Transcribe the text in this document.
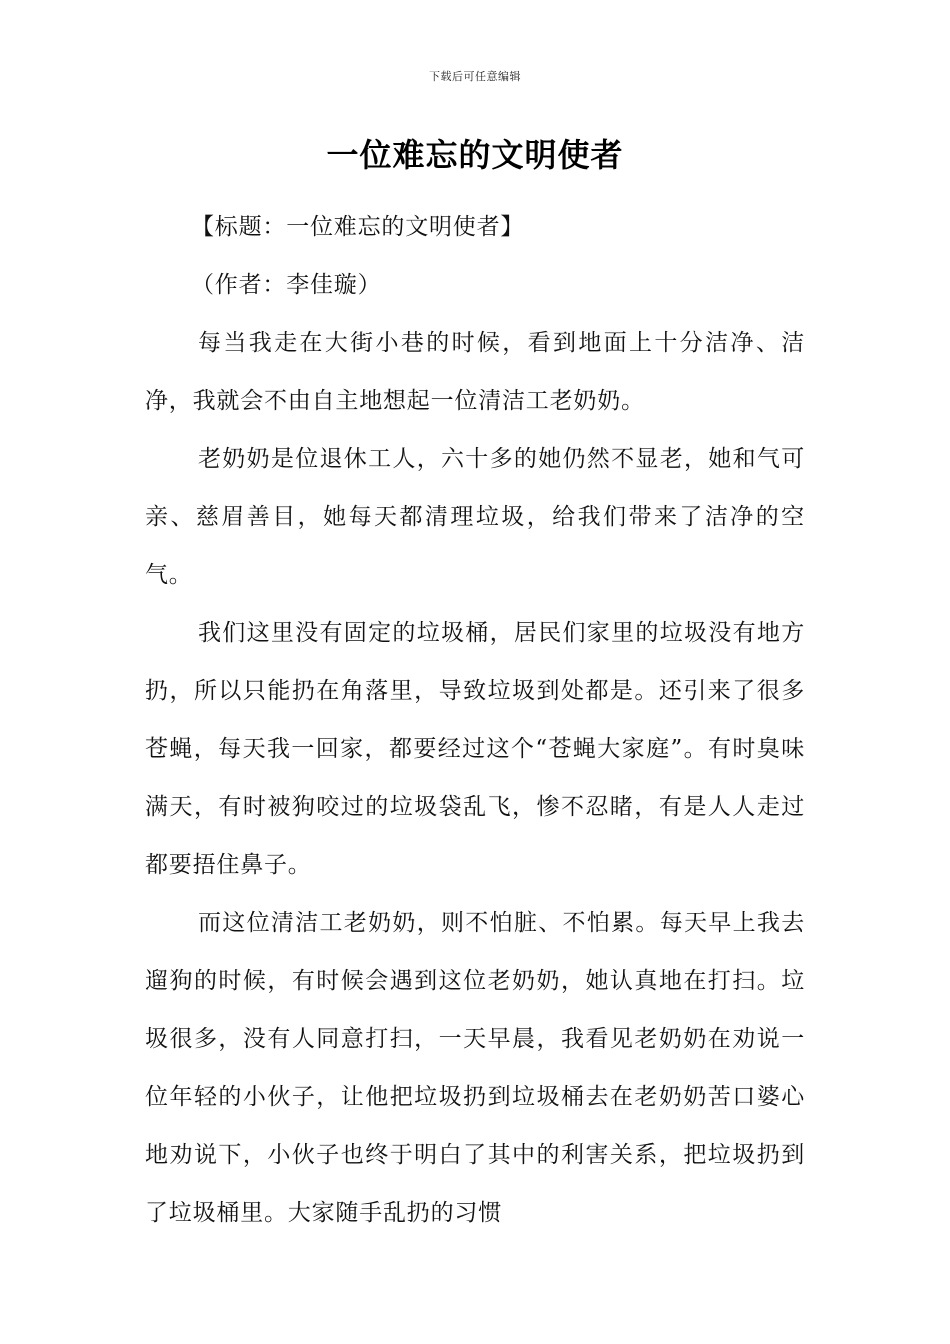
下载后可任意编辑
一位难忘的文明使者
【标题：一位难忘的文明使者】
（作者：李佳璇）

每当我走在大街小巷的时候，看到地面上十分洁净、洁净，我就会不由自主地想起一位清洁工老奶奶。

老奶奶是位退休工人，六十多的她仍然不显老，她和气可亲、慈眉善目，她每天都清理垃圾，给我们带来了洁净的空气。

我们这里没有固定的垃圾桶，居民们家里的垃圾没有地方扔，所以只能扔在角落里，导致垃圾到处都是。还引来了很多苍蝇，每天我一回家，都要经过这个“苍蝇大家庭”。有时臭味满天，有时被狗咬过的垃圾袋乱飞，惨不忍睹，有是人人走过都要捂住鼻子。

而这位清洁工老奶奶，则不怕脏、不怕累。每天早上我去遛狗的时候，有时候会遇到这位老奶奶，她认真地在打扫。垃圾很多，没有人同意打扫，一天早晨，我看见老奶奶在劝说一位年轻的小伙子，让他把垃圾扔到垃圾桶去在老奶奶苦口婆心地劝说下，小伙子也终于明白了其中的利害关系，把垃圾扔到了垃圾桶里。大家随手乱扔的习惯
